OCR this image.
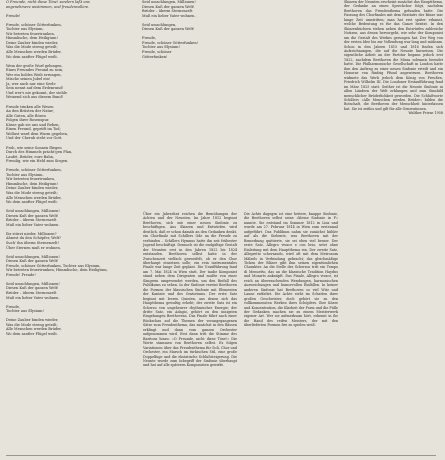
O Freunde, nicht diese Töne! sondern laßt uns

angenehmere anstimmen, und freudenvollere.

Freude!

Freude, schöner Götterfunken,

Tochter aus Elysium,

Wir betreten feuertrunken,

Himmlische, dein Heiligtum!

Deine Zauber binden wieder,

Was die Mode streng geteilt;

Alle Menschen werden Brüder,

Wo dein sanfter Flügel weilt.

Wem der große Wurf gelungen,

Eines Freundes Freund zu sein,

Wer ein holdes Weib errungen,

Mische seinen Jubel ein!

Ja, wer auch nur eine Seele

Sein nennt auf dem Erdenrund!

Und wer's nie gekonnt, der stehle

Weinend sich aus diesem Bund!

Freude trinken alle Wesen

An den Brüsten der Natur;

Alle Guten, alle Bösen

Folgen ihrer Rosenspur.

Küsse gab sie uns und Reben,

Einen Freund, geprüft im Tod;

Wollust ward dem Wurm gegeben,

Und der Cherub steht vor Gott.

Froh, wie seine Sonnen fliegen

Durch des Himmels prächt'gen Plan,

Laufet, Brüder, eure Bahn,

Freudig, wie ein Held zum Siegen.

Freude, schöner Götterfunken,

Tochter aus Elysium,

Wir betreten feuertrunken,

Himmlische, dein Heiligtum!

Deine Zauber binden wieder,

Was die Mode streng geteilt;

Alle Menschen werden Brüder,

Wo dein sanfter Flügel weilt.

Seid umschlungen, Millionen!

Diesen Kuß der ganzen Welt!

Brüder – überm Sternenzelt

Muß ein lieber Vater wohnen.

Ihr stürzt nieder, Millionen?

Ahnest du den Schöpfer, Welt?

Such' ihn überm Sternenzelt!

Über Sternen muß er wohnen.

Seid umschlungen, Millionen!

Diesen Kuß der ganzen Welt!

Freude, schöner Götterfunken, Tochter aus Elysium,

Wir betreten feuertrunken, Himmlische, dein Heiligtum,

Freude! Freude!

Seid umschlungen, Millionen!

Diesen Kuß der ganzen Welt!

Brüder – überm Sternenzelt

Muß ein lieber Vater wohnen.

Freude,

Tochter aus Elysium!

Deine Zauber binden wieder,

Was die Mode streng geteilt;

Alle Menschen werden Brüder,

Wo dein sanfter Flügel weilt.

Seid umschlungen, Millionen!

Diesen Kuß der ganzen Welt!

Brüder – überm Sternenzelt

Muß ein lieber Vater wohnen.

Seid umschlungen,

Diesen Kuß der ganzen Welt!

Freude,

Freude, schöner Götterfunken!

Tochter aus Elysium!

Freude, schöner

Götterfunken!

Über ein Jahrzehnt reichen die Bemühungen der Achten und der Neunten. Im Jahre 1812 beginnt Beethoven, sich mit einer neuen Sinfonie zu beschäftigen. Aus Skizzen und Entwürfen wird deutlich, daß er schon damals an den Gedanken denkt, ein Chorfinale mit Schillers Ode an die Freude zu verbinden – Schillers Hymnus hatte ihn seit frühester Jugend beschäftigt. Dennoch ist die endgültige Gestalt der Neunten erst in den Jahren 1822 bis 1824 entstanden. Beethoven selbst hatte in der Zwischenzeit vielfach gezweifelt, ob er den Chor überhaupt einsetzen solle; ein rein instrumentales Finale war lange Zeit geplant. Die Uraufführung fand am 7. Mai 1824 in Wien statt. Der taube Komponist stand neben dem Dirigenten und mußte von einer Sängerin umgewendet werden, um den Beifall des Publikums zu sehen. In der Sinfonie vereint Beethoven die Formen der klassischen Sinfonie mit Elementen der Kantate und des Oratoriums. Der erste Satz beginnt mit leeren Quinten, aus denen sich das Hauptthema gewaltig erhebt; der zweite Satz ist ein Scherzo von ungeheurer rhythmischer Energie; der dritte Satz, ein Adagio, gehört zu den innigsten Eingebungen Beethovens. Das Finale führt nach einer Rückschau auf die Themen der vorangegangenen Sätze zum Freudenthema, das zunächst in den Bässen erklingt und dann vom ganzen Orchester aufgenommen wird. Erst dann tritt die Stimme des Baritons hinzu: »O Freunde, nicht diese Töne!« Die Worte stammen von Beethoven selbst. Es folgen Variationen über das Freudenthema für Soli, Chor und Orchester, ein Marsch im türkischen Stil, eine große Doppelfuge und die ekstatische Schlußsteigerung. Die Neunte wurde zum Inbegriff der Sinfonie überhaupt und hat auf alle späteren Komponisten gewirkt.

Die Achte dagegen ist eine heitere, knappe Sinfonie, die Beethoven selbst seine »kleine Sinfonie in F« nannte. Sie entstand im Sommer 1812 in Linz und wurde am 27. Februar 1814 in Wien zum erstenmal aufgeführt. Das Publikum nahm sie zunächst kühler auf als die Siebente, was Beethoven mit der Bemerkung quittierte, sie sei eben viel besser. Der erste Satz, Allegro vivace e con brio, setzt ohne Einleitung mit dem Hauptthema ein. Der zweite Satz, Allegretto scherzando, wird oft mit dem Metronom Mälzels in Verbindung gebracht; das gleichmäßige Ticken der Bläser gibt ihm seinen eigentümlichen Charakter. An die Stelle des Scherzos tritt ein Tempo di Menuetto, das an die klassische Tradition Haydns und Mozarts anknüpft. Das Finale, Allegro vivace, ist reich an überraschenden Wendungen, harmonischen Ausweichungen und humorvollen Einfällen. In keiner anderen Sinfonie hat Beethoven so viel Witz und Laune entfaltet. Die Achte steht im Schatten ihrer großen Geschwister, doch gehört sie zu den vollkommensten Werken ihres Schöpfers. Ihre Kürze und Konzentration, die Klarheit der Form und die Fülle der Gedanken machen sie zu einem Meisterwerk eigener Art. Wer sie aufmerksam hört, erkennt in ihr die Hand des reifen Meisters, der mit den überlieferten Formen frei zu spielen weiß.

Skizzen der Neunten erscheint zunächst das Hauptthema, der Gedanke an einen Sprechchor folgt, nachdem Beethoven das Freudenthema gefunden hatte. Die Fassung des Chorfinales mit dem Rezitativ der Bässe war lange Zeit umstritten; man hat erst später erkannt, welche Bedeutung es für das Ganze besitzt. In den Skizzenbüchern stehen neben den Entwürfen zahlreiche Notizen, aus denen hervorgeht, wie sehr der Komponist um die Gestalt des Werkes gerungen hat. Der Weg von der ersten Idee bis zur Vollendung war lang und mühsam. Schon in den Jahren 1815 und 1816 finden sich Aufzeichnungen, die auf die Neunte hinweisen. Die eigentliche Arbeit an der Partitur begann jedoch erst 1822, nachdem Beethoven die Missa solemnis beendet hatte. Die Philharmonische Gesellschaft in London hatte ihm den Auftrag zu einer neuen Sinfonie erteilt und ein Honorar von fünfzig Pfund angewiesen. Beethoven widmete das Werk jedoch dem König von Preußen, Friedrich Wilhelm III. Die Londoner Erstaufführung fand im März 1825 statt. Seither ist die Neunte Sinfonie in allen Ländern der Welt erklungen und zum Sinnbild menschlicher Brüderlichkeit geworden. Die Schlußworte Schillers »Alle Menschen werden Brüder« bilden die Botschaft, die Beethoven der Menschheit hinterlassen hat. Sie ist zeitlos und gilt für alle Generationen.

Walther Friese 1958
